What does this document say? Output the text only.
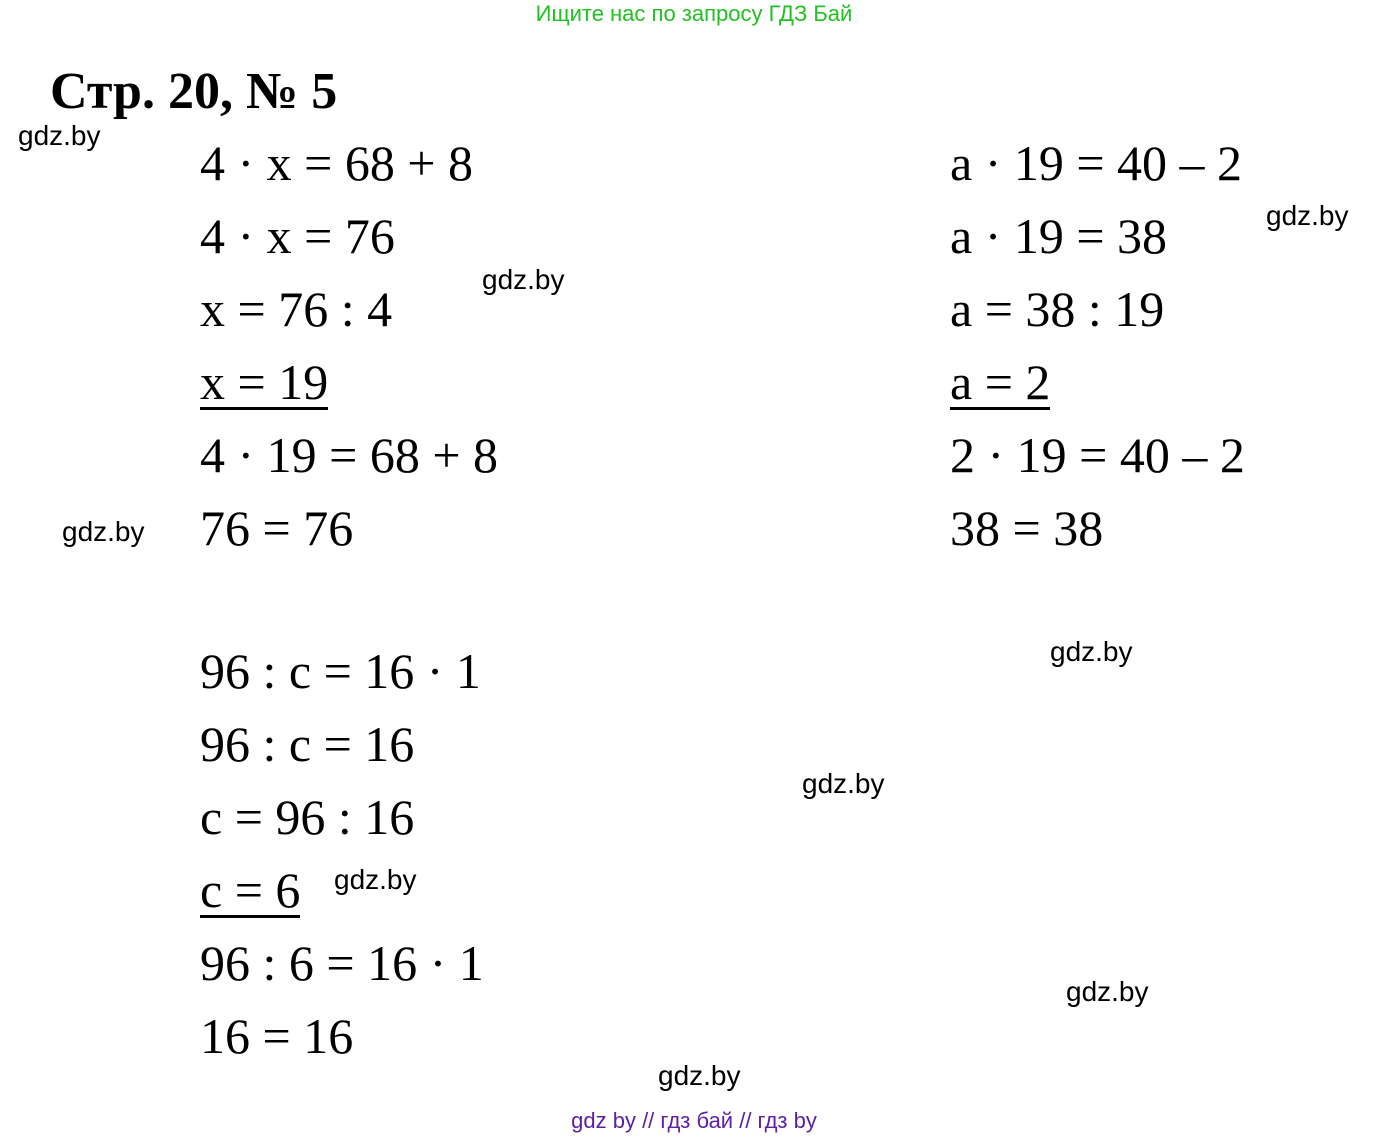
Ищите нас по запросу ГДЗ Бай
Стр. 20, № 5
4 · x = 68 + 8
4 · x = 76
x = 76 : 4
x = 19
4 · 19 = 68 + 8
76 = 76
a · 19 = 40 – 2
a · 19 = 38
a = 38 : 19
a = 2
2 · 19 = 40 – 2
38 = 38
96 : c = 16 · 1
96 : c = 16
c = 96 : 16
c = 6
96 : 6 = 16 · 1
16 = 16
gdz.by
gdz.by
gdz.by
gdz.by
gdz.by
gdz.by
gdz.by
gdz.by
gdz.by
gdz by // гдз бай // гдз by
